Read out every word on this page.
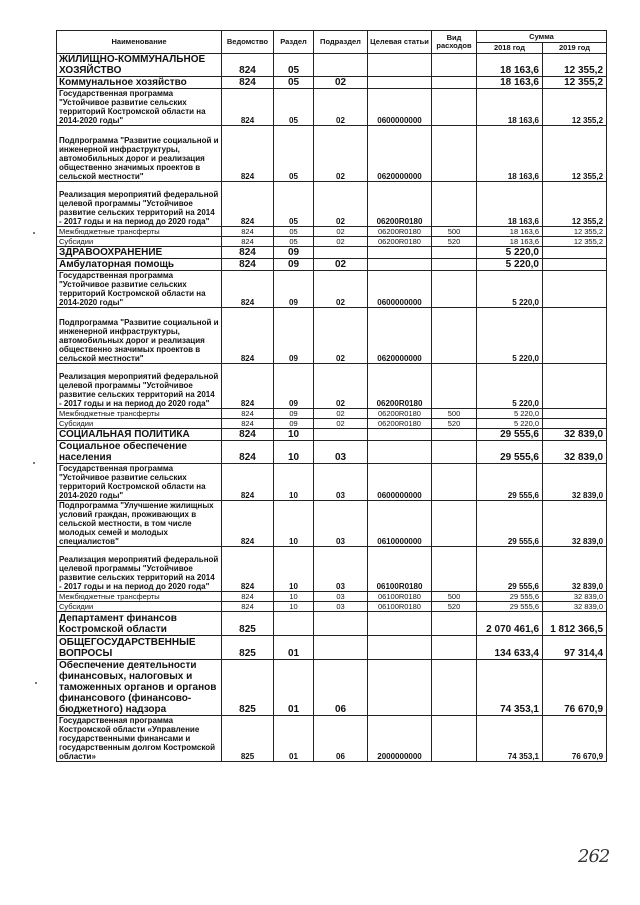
Наименование	Ведомство	Раздел	Подраздел	Целевая статьи	Вид расходов	Сумма	
						2018 год	2019 год
ЖИЛИЩНО-КОММУНАЛЬНОЕ ХОЗЯЙСТВО	824	05				18 163,6	12 355,2
Коммунальное хозяйство	824	05	02			18 163,6	12 355,2
Государственная программа "Устойчивое развитие сельских территорий Костромской области на 2014-2020 годы"	824	05	02	0600000000		18 163,6	12 355,2
Подпрограмма "Развитие социальной и инженерной инфраструктуры, автомобильных дорог и реализация общественно значимых проектов в сельской местности"	824	05	02	0620000000		18 163,6	12 355,2
Реализация мероприятий федеральной целевой программы "Устойчивое развитие сельских территорий на 2014 - 2017 годы и на период до 2020 года"	824	05	02	06200R0180		18 163,6	12 355,2
Межбюджетные трансферты	824	05	02	06200R0180	500	18 163,6	12 355,2
Субсидии	824	05	02	06200R0180	520	18 163,6	12 355,2
ЗДРАВООХРАНЕНИЕ	824	09				5 220,0	
Амбулаторная помощь	824	09	02			5 220,0	
Государственная программа "Устойчивое развитие сельских территорий Костромской области на 2014-2020 годы"	824	09	02	0600000000		5 220,0	
Подпрограмма "Развитие социальной и инженерной инфраструктуры, автомобильных дорог и реализация общественно значимых проектов в сельской местности"	824	09	02	0620000000		5 220,0	
Реализация мероприятий федеральной целевой программы "Устойчивое развитие сельских территорий на 2014 - 2017 годы и на период до 2020 года"	824	09	02	06200R0180		5 220,0	
Межбюджетные трансферты	824	09	02	06200R0180	500	5 220,0	
Субсидии	824	09	02	06200R0180	520	5 220,0	
СОЦИАЛЬНАЯ ПОЛИТИКА	824	10				29 555,6	32 839,0
Социальное обеспечение населения	824	10	03			29 555,6	32 839,0
Государственная программа "Устойчивое развитие сельских территорий Костромской области на 2014-2020 годы"	824	10	03	0600000000		29 555,6	32 839,0
Подпрограмма "Улучшение жилищных условий граждан, проживающих в сельской местности, в том числе молодых семей и молодых специалистов"	824	10	03	0610000000		29 555,6	32 839,0
Реализация мероприятий федеральной целевой программы "Устойчивое развитие сельских территорий на 2014 - 2017 годы и на период до 2020 года"	824	10	03	06100R0180		29 555,6	32 839,0
Межбюджетные трансферты	824	10	03	06100R0180	500	29 555,6	32 839,0
Субсидии	824	10	03	06100R0180	520	29 555,6	32 839,0
Департамент финансов Костромской области	825					2 070 461,6	1 812 366,5
ОБЩЕГОСУДАРСТВЕННЫЕ ВОПРОСЫ	825	01				134 633,4	97 314,4
Обеспечение деятельности финансовых, налоговых и таможенных органов и органов финансового (финансово-бюджетного) надзора	825	01	06			74 353,1	76 670,9
Государственная программа Костромской области «Управление государственными финансами и государственным долгом Костромской области»	825	01	06	2000000000		74 353,1	76 670,9
262
